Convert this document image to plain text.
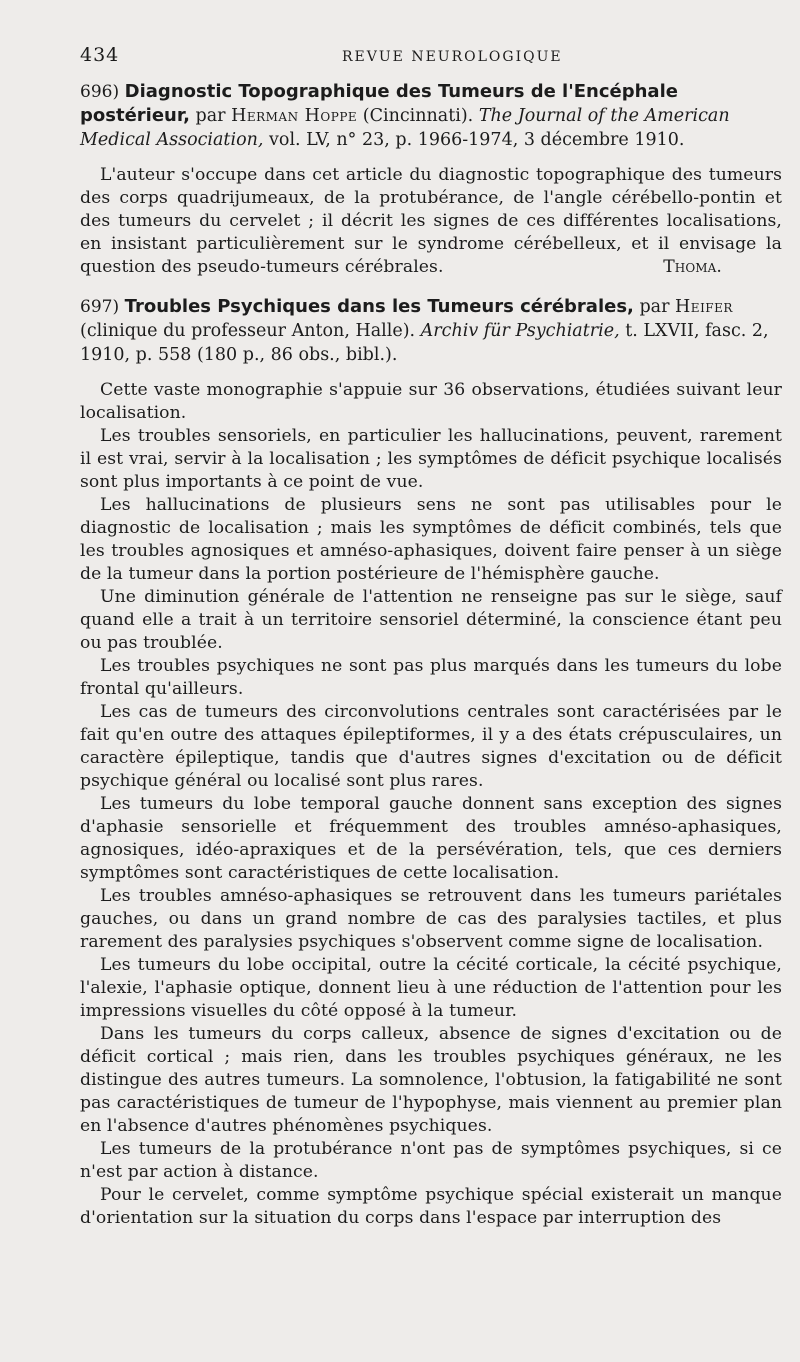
434	REVUE NEUROLOGIQUE
696) Diagnostic Topographique des Tumeurs de l'Encéphale postérieur, par Herman Hoppe (Cincinnati). The Journal of the American Medical Association, vol. LV, n° 23, p. 1966-1974, 3 décembre 1910.

L'auteur s'occupe dans cet article du diagnostic topographique des tumeurs des corps quadrijumeaux, de la protubérance, de l'angle cérébello-pontin et des tumeurs du cervelet ; il décrit les signes de ces différentes localisations, en insistant particulièrement sur le syndrome cérébelleux, et il envisage la question des pseudo-tumeurs cérébrales.	Thoma.
697) Troubles Psychiques dans les Tumeurs cérébrales, par Heifer (clinique du professeur Anton, Halle). Archiv für Psychiatrie, t. LXVII, fasc. 2, 1910, p. 558 (180 p., 86 obs., bibl.).

Cette vaste monographie s'appuie sur 36 observations, étudiées suivant leur localisation.

Les troubles sensoriels, en particulier les hallucinations, peuvent, rarement il est vrai, servir à la localisation ; les symptômes de déficit psychique localisés sont plus importants à ce point de vue.

Les hallucinations de plusieurs sens ne sont pas utilisables pour le diagnostic de localisation ; mais les symptômes de déficit combinés, tels que les troubles agnosiques et amnéso-aphasiques, doivent faire penser à un siège de la tumeur dans la portion postérieure de l'hémisphère gauche.

Une diminution générale de l'attention ne renseigne pas sur le siège, sauf quand elle a trait à un territoire sensoriel déterminé, la conscience étant peu ou pas troublée.

Les troubles psychiques ne sont pas plus marqués dans les tumeurs du lobe frontal qu'ailleurs.

Les cas de tumeurs des circonvolutions centrales sont caractérisées par le fait qu'en outre des attaques épileptiformes, il y a des états crépusculaires, un caractère épileptique, tandis que d'autres signes d'excitation ou de déficit psychique général ou localisé sont plus rares.

Les tumeurs du lobe temporal gauche donnent sans exception des signes d'aphasie sensorielle et fréquemment des troubles amnéso-aphasiques, agnosiques, idéo-apraxiques et de la persévération, tels, que ces derniers symptômes sont caractéristiques de cette localisation.

Les troubles amnéso-aphasiques se retrouvent dans les tumeurs pariétales gauches, ou dans un grand nombre de cas des paralysies tactiles, et plus rarement des paralysies psychiques s'observent comme signe de localisation.

Les tumeurs du lobe occipital, outre la cécité corticale, la cécité psychique, l'alexie, l'aphasie optique, donnent lieu à une réduction de l'attention pour les impressions visuelles du côté opposé à la tumeur.

Dans les tumeurs du corps calleux, absence de signes d'excitation ou de déficit cortical ; mais rien, dans les troubles psychiques généraux, ne les distingue des autres tumeurs. La somnolence, l'obtusion, la fatigabilité ne sont pas caractéristiques de tumeur de l'hypophyse, mais viennent au premier plan en l'absence d'autres phénomènes psychiques.

Les tumeurs de la protubérance n'ont pas de symptômes psychiques, si ce n'est par action à distance.

Pour le cervelet, comme symptôme psychique spécial existerait un manque d'orientation sur la situation du corps dans l'espace par interruption des
